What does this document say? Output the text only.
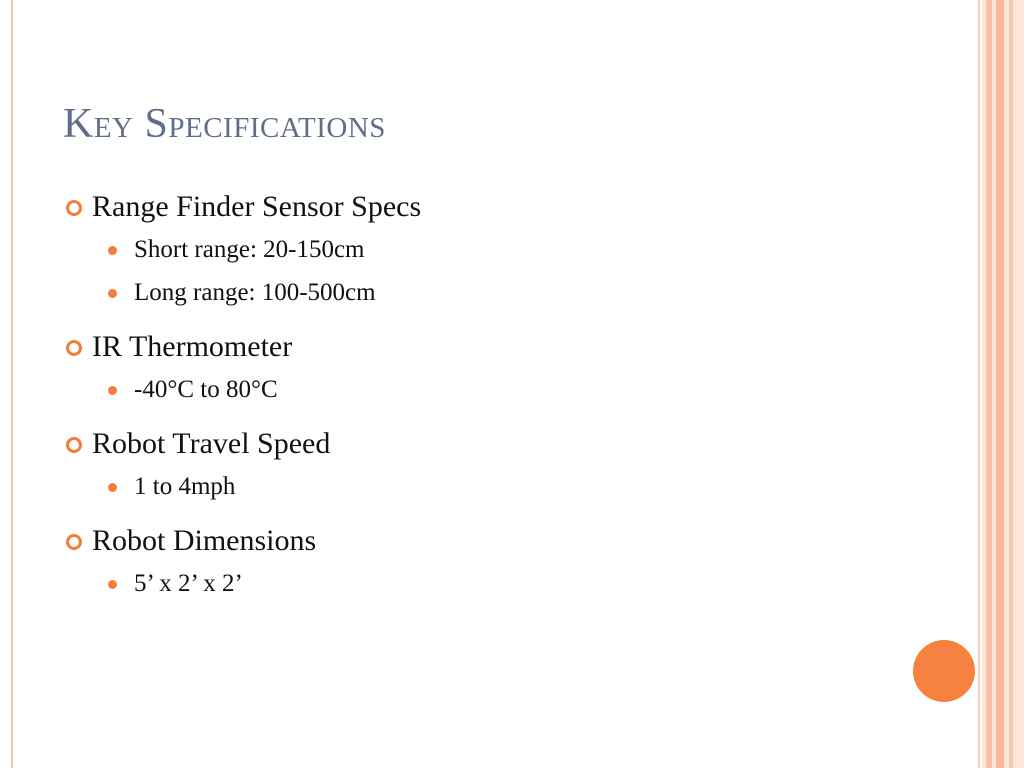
Key Specifications
Range Finder Sensor Specs
Short range: 20-150cm
Long range: 100-500cm
IR Thermometer
-40°C to 80°C
Robot Travel Speed
1 to 4mph
Robot Dimensions
5’ x 2’ x 2’
